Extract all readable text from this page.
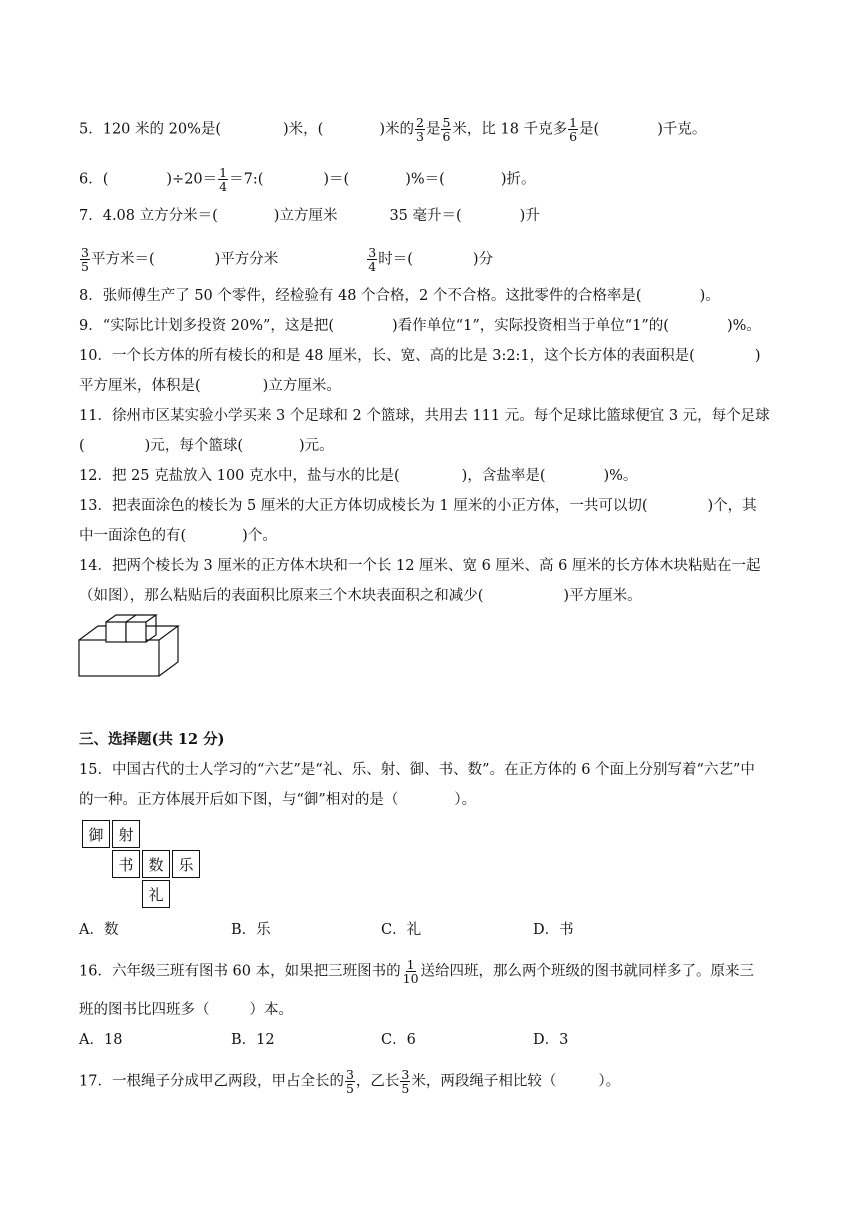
5．120 米的 20%是(	)米，(	)米的 $\frac{2}{3}$ 是 $\frac{5}{6}$ 米，比 18 千克多 $\frac{1}{6}$ 是(	)千克。
6．(	)$\div 20= \frac{1}{4}$ ＝7:(	)＝(	)%＝(	)折。
7．4.08 立方分米＝(	)立方厘米	35 毫升＝(	)升
$\frac{3}{5}$ 平方米＝(	)平方分米	$\frac{3}{4}$ 时＝(	)分
8．张师傅生产了 50 个零件，经检验有 48 个合格，2 个不合格。这批零件的合格率是(	)。
9．“实际比计划多投资 20%”，这是把(	)看作单位“1”，实际投资相当于单位“1”的(	)%。
10．一个长方体的所有棱长的和是 48 厘米，长、宽、高的比是 3:2:1，这个长方体的表面积是(	)
平方厘米，体积是(	)立方厘米。
11．徐州市区某实验小学买来 3 个足球和 2 个篮球，共用去 111 元。每个足球比篮球便宜 3 元，每个足球
(	)元，每个篮球(	)元。
12．把 25 克盐放入 100 克水中，盐与水的比是(	)，含盐率是(	)%。
13．把表面涂色的棱长为 5 厘米的大正方体切成棱长为 1 厘米的小正方体，一共可以切(	)个，其
中一面涂色的有(	)个。
14．把两个棱长为 3 厘米的正方体木块和一个长 12 厘米、宽 6 厘米、高 6 厘米的长方体木块粘贴在一起
（如图），那么粘贴后的表面积比原来三个木块表面积之和减少(	)平方厘米。
三、选择题(共 12 分)
15．中国古代的士人学习的“六艺”是“礼、乐、射、御、书、数”。在正方体的 6 个面上分别写着“六艺”中
的一种。正方体展开后如下图，与“御”相对的是（	）。
御 射
书 数 乐
礼
A．数	B．乐	C．礼	D．书
16．六年级三班有图书 60 本，如果把三班图书的 $\frac{1}{10}$ 送给四班，那么两个班级的图书就同样多了。原来三
班的图书比四班多（	）本。
A．18	B．12	C．6	D．3
17．一根绳子分成甲乙两段，甲占全长的 $\frac{3}{5}$ ，乙长 $\frac{3}{5}$ 米，两段绳子相比较（	）。
